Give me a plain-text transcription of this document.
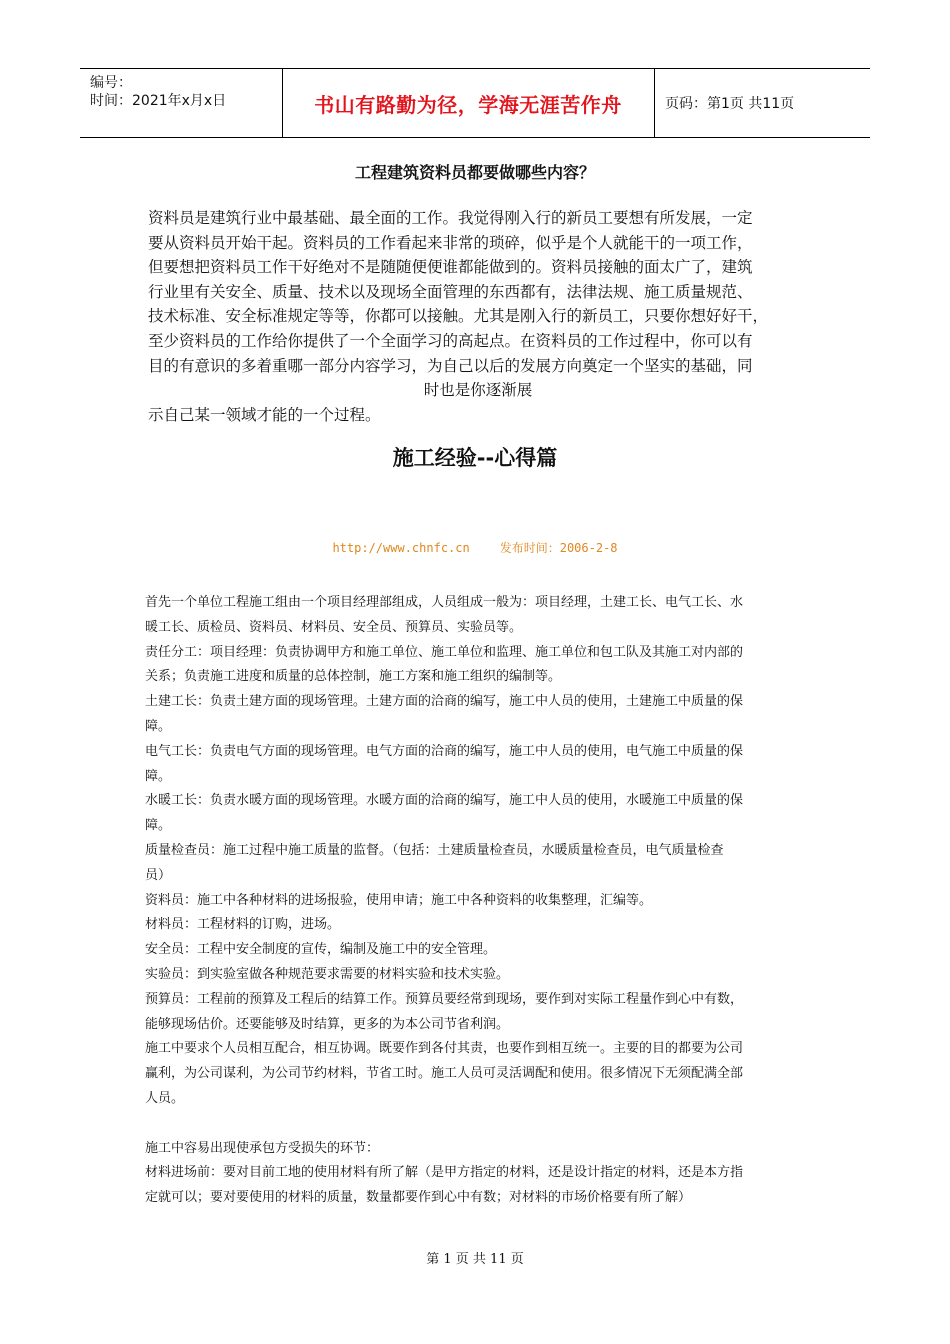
编号：
时间：2021年x月x日	书山有路勤为径，学海无涯苦作舟	页码：第1页 共11页
工程建筑资料员都要做哪些内容？

资料员是建筑行业中最基础、最全面的工作。我觉得刚入行的新员工要想有所发展，一定

要从资料员开始干起。资料员的工作看起来非常的琐碎，似乎是个人就能干的一项工作，

但要想把资料员工作干好绝对不是随随便便谁都能做到的。资料员接触的面太广了，建筑

行业里有关安全、质量、技术以及现场全面管理的东西都有，法律法规、施工质量规范、

技术标准、安全标准规定等等，你都可以接触。尤其是刚入行的新员工，只要你想好好干，

至少资料员的工作给你提供了一个全面学习的高起点。在资料员的工作过程中，你可以有

目的有意识的多着重哪一部分内容学习，为自己以后的发展方向奠定一个坚实的基础，同

时也是你逐渐展

示自己某一领域才能的一个过程。

施工经验--心得篇
http://www.chnfc.cn	发布时间：2006-2-8

首先一个单位工程施工组由一个项目经理部组成，人员组成一般为：项目经理，土建工长、电气工长、水

暖工长、质检员、资料员、材料员、安全员、预算员、实验员等。

责任分工：项目经理：负责协调甲方和施工单位、施工单位和监理、施工单位和包工队及其施工对内部的

关系；负责施工进度和质量的总体控制，施工方案和施工组织的编制等。

土建工长：负责土建方面的现场管理。土建方面的洽商的编写，施工中人员的使用，土建施工中质量的保

障。

电气工长：负责电气方面的现场管理。电气方面的洽商的编写，施工中人员的使用，电气施工中质量的保

障。

水暖工长：负责水暖方面的现场管理。水暖方面的洽商的编写，施工中人员的使用，水暖施工中质量的保

障。

质量检查员：施工过程中施工质量的监督。（包括：土建质量检查员，水暖质量检查员，电气质量检查

员）

资料员：施工中各种材料的进场报验，使用申请；施工中各种资料的收集整理，汇编等。

材料员：工程材料的订购，进场。

安全员：工程中安全制度的宣传，编制及施工中的安全管理。

实验员：到实验室做各种规范要求需要的材料实验和技术实验。

预算员：工程前的预算及工程后的结算工作。预算员要经常到现场，要作到对实际工程量作到心中有数，

能够现场估价。还要能够及时结算，更多的为本公司节省利润。

施工中要求个人员相互配合，相互协调。既要作到各付其责，也要作到相互统一。主要的目的都要为公司

赢利，为公司谋利，为公司节约材料，节省工时。施工人员可灵活调配和使用。很多情况下无须配满全部

人员。

施工中容易出现使承包方受损失的环节：

材料进场前：要对目前工地的使用材料有所了解（是甲方指定的材料，还是设计指定的材料，还是本方指

定就可以；要对要使用的材料的质量，数量都要作到心中有数；对材料的市场价格要有所了解）

第 1 页 共 11 页
